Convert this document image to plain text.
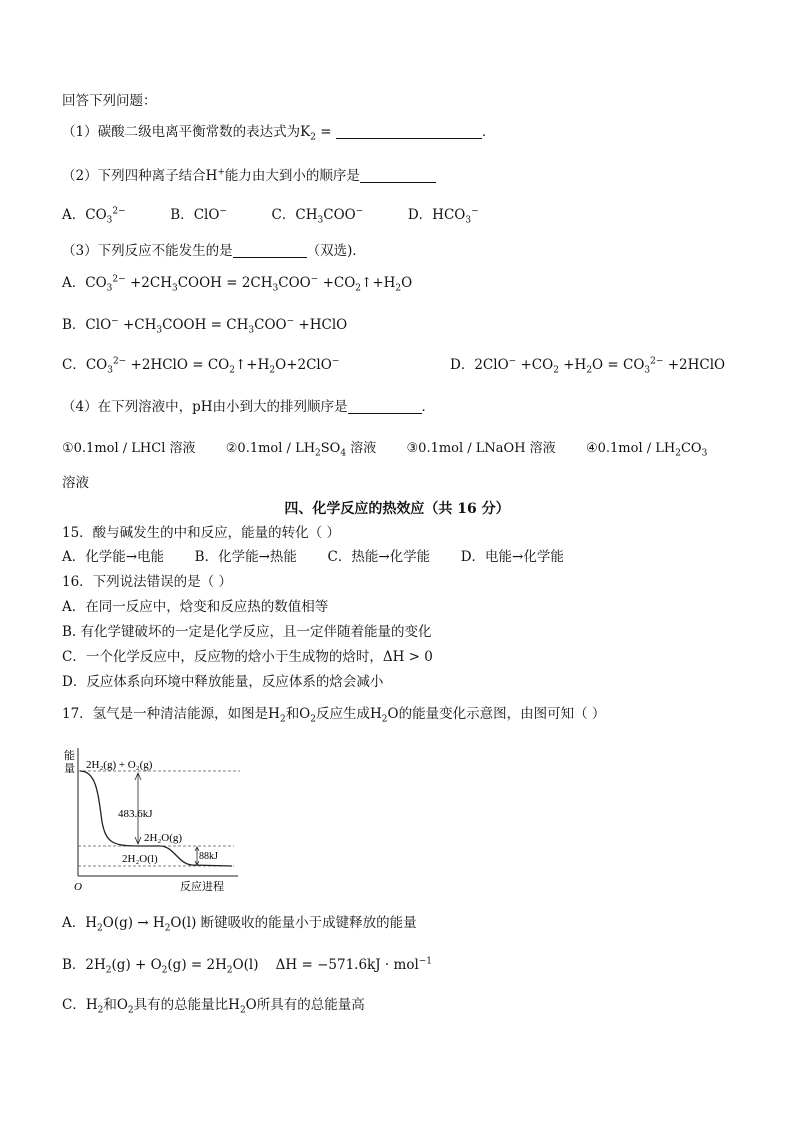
回答下列问题：
（1）碳酸二级电离平衡常数的表达式为$K_2$ =	．
（2）下列四种离子结合H+能力由大到小的顺序是
A．$CO_3^{2-}$	B．ClO−	C．$CH_3COO^-$	D．$HCO_3^-$
（3）下列反应不能发生的是	（双选)．
A．$CO_3^{2-}$ $+2CH_3COOH = 2CH_3COO^-$ $+CO_2↑+H_2O$
B．$ClO^- +CH_3COOH = CH_3COO^-$ +HClO
C．$CO_3^{2-}$ +2HClO = $CO_2↑+H_2O+2ClO^-$	D．$2ClO^- +CO_2 +H_2O = CO_3^{2-}$ +2HClO
（4）在下列溶液中，pH由小到大的排列顺序是	．
①0.1mol / LHCl 溶液 ②0.1mol / $LH_2SO_4$ 溶液 ③0.1mol / LNaOH 溶液 ④0.1mol / $LH_2CO_3$
溶液
四、化学反应的热效应（共 16 分）
15．酸与碱发生的中和反应，能量的转化（ ）
A．化学能→电能 B．化学能→热能 C．热能→化学能 D．电能→化学能
16．下列说法错误的是（ ）
A．在同一反应中，焓变和反应热的数值相等
B. 有化学键破坏的一定是化学反应，且一定伴随着能量的变化
C．一个化学反应中，反应物的焓小于生成物的焓时，ΔH > 0
D．反应体系向环境中释放能量，反应体系的焓会减小
17．氢气是一种清洁能源，如图是$H_2$和$O_2$反应生成$H_2O$的能量变化示意图，由图可知（ ）
能
量
O	反应进程
2H₂(g) + O₂(g)
483.6kJ
2H₂O(g)
2H₂O(l)	88kJ
A．$H_2O(g) \to H_2O(l)$ 断键吸收的能量小于成键释放的能量
B．$2H_2(g) + O_2(g) = 2H_2O(l)$    ΔH = −571.6kJ · mol$^{-1}$
C．$H_2$和$O_2$具有的总能量比$H_2O$所具有的总能量高
